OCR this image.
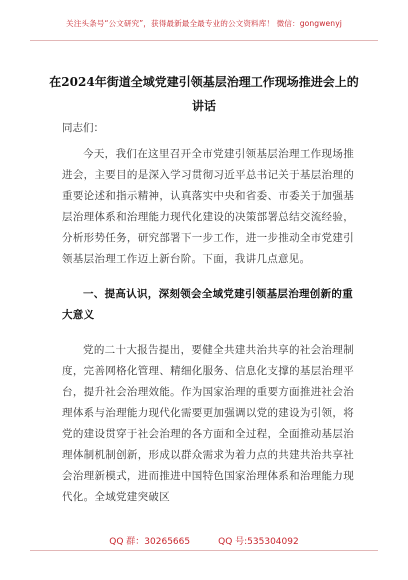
关注头条号“公文研究”，获得最新最全最专业的公文资料库！ 微信：gongwenyj
在2024年街道全域党建引领基层治理工作现场推进会上的
讲话
同志们：

今天，我们在这里召开全市党建引领基层治理工作现场推进会，主要目的是深入学习贯彻习近平总书记关于基层治理的重要论述和指示精神，认真落实中央和省委、市委关于加强基层治理体系和治理能力现代化建设的决策部署总结交流经验，分析形势任务，研究部署下一步工作，进一步推动全市党建引领基层治理工作迈上新台阶。下面，我讲几点意见。

一、提高认识，深刻领会全域党建引领基层治理创新的重大意义

党的二十大报告提出，要健全共建共治共享的社会治理制度，完善网格化管理、精细化服务、信息化支撑的基层治理平台，提升社会治理效能。作为国家治理的重要方面推进社会治理体系与治理能力现代化需要更加强调以党的建设为引领，将党的建设贯穿于社会治理的各方面和全过程，全面推动基层治理体制机制创新，形成以群众需求为着力点的共建共治共享社会治理新模式，进而推进中国特色国家治理体系和治理能力现代化。全域党建突破区

QQ 群：30265665	QQ 号:535304092
